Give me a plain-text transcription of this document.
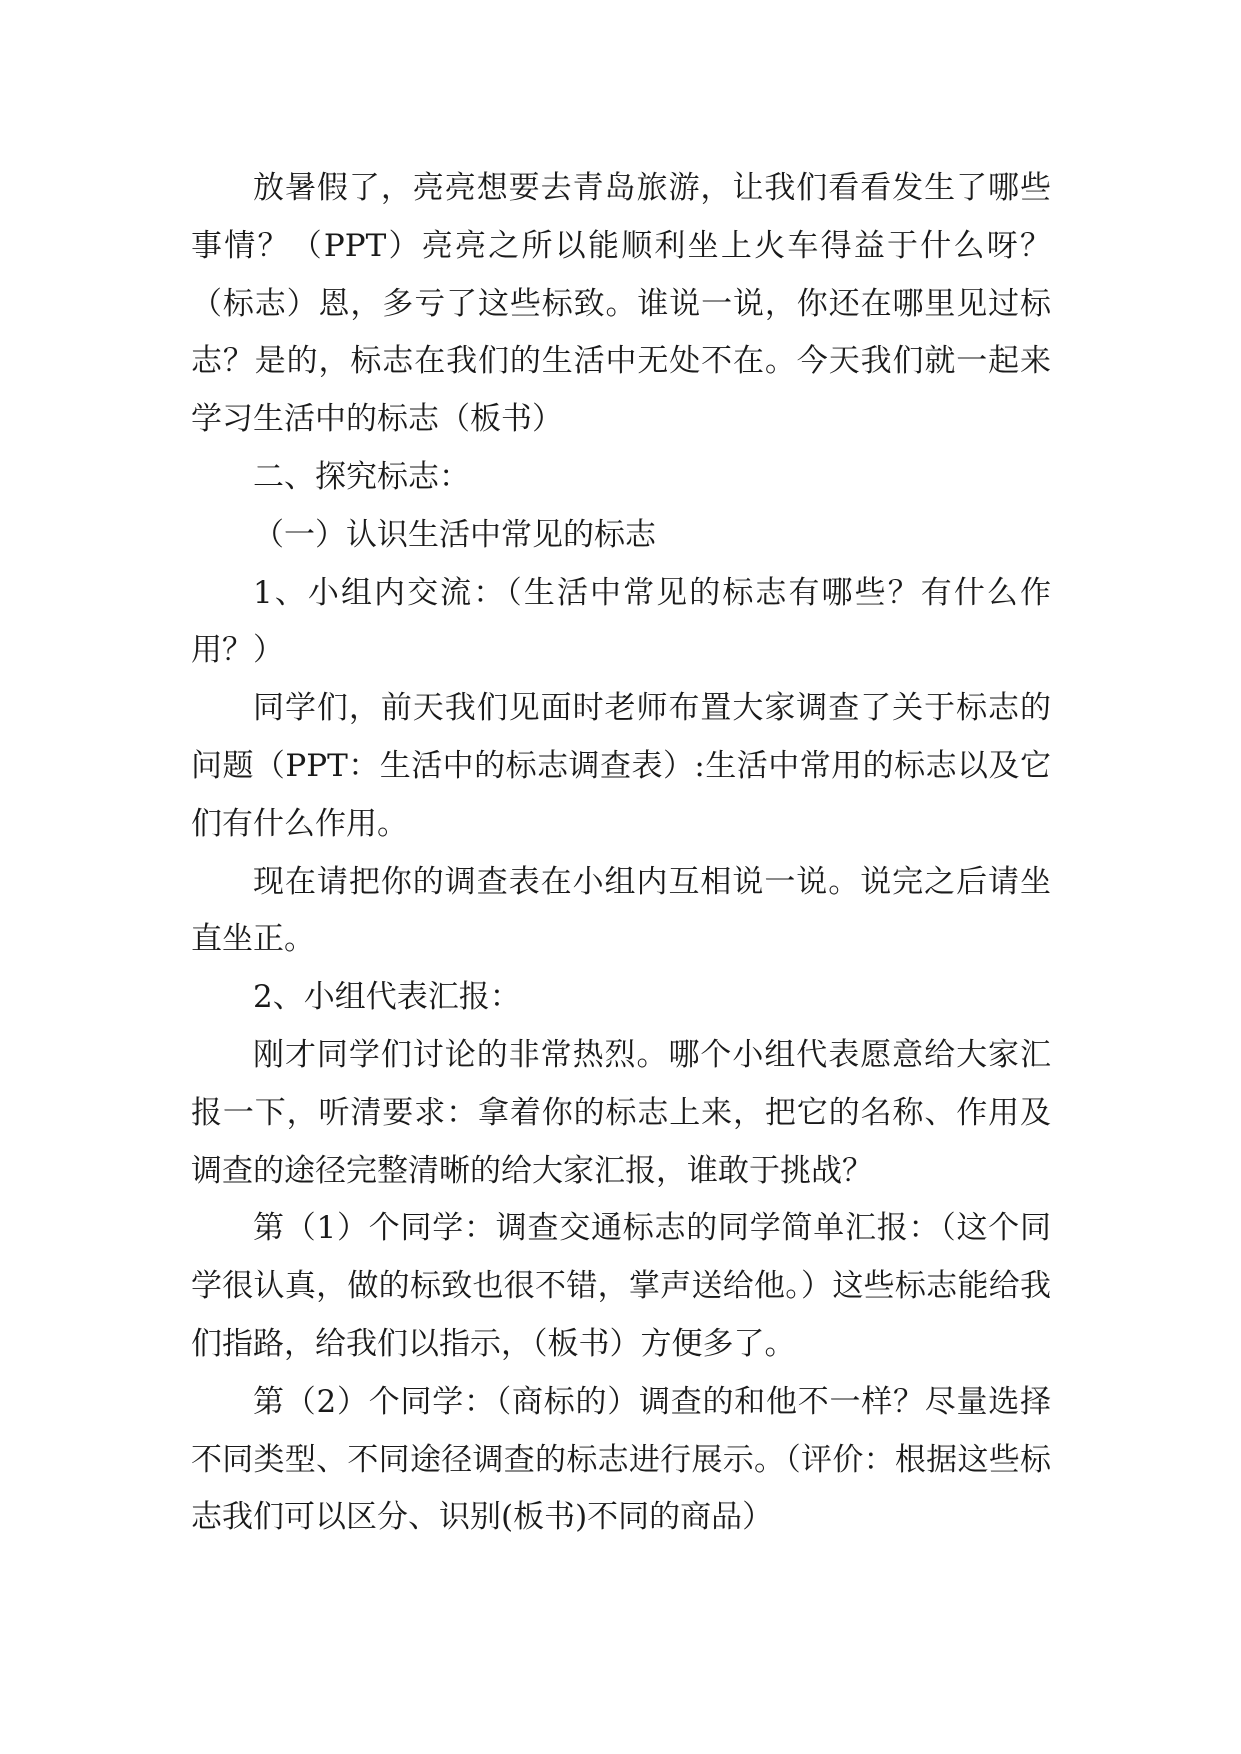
放暑假了，亮亮想要去青岛旅游，让我们看看发生了哪些事情？（PPT）亮亮之所以能顺利坐上火车得益于什么呀？（标志）恩，多亏了这些标致。谁说一说，你还在哪里见过标志？是的，标志在我们的生活中无处不在。今天我们就一起来学习生活中的标志（板书）

二、探究标志：

（一）认识生活中常见的标志

1、小组内交流：（生活中常见的标志有哪些？有什么作用？）

同学们，前天我们见面时老师布置大家调查了关于标志的问题（PPT：生活中的标志调查表）:生活中常用的标志以及它们有什么作用。

现在请把你的调查表在小组内互相说一说。说完之后请坐直坐正。

2、小组代表汇报：

刚才同学们讨论的非常热烈。哪个小组代表愿意给大家汇报一下，听清要求：拿着你的标志上来，把它的名称、作用及调查的途径完整清晰的给大家汇报，谁敢于挑战？

第（1）个同学：调查交通标志的同学简单汇报：（这个同学很认真，做的标致也很不错，掌声送给他。）这些标志能给我们指路，给我们以指示，（板书）方便多了。

第（2）个同学：（商标的）调查的和他不一样？尽量选择不同类型、不同途径调查的标志进行展示。（评价：根据这些标志我们可以区分、识别(板书)不同的商品）
